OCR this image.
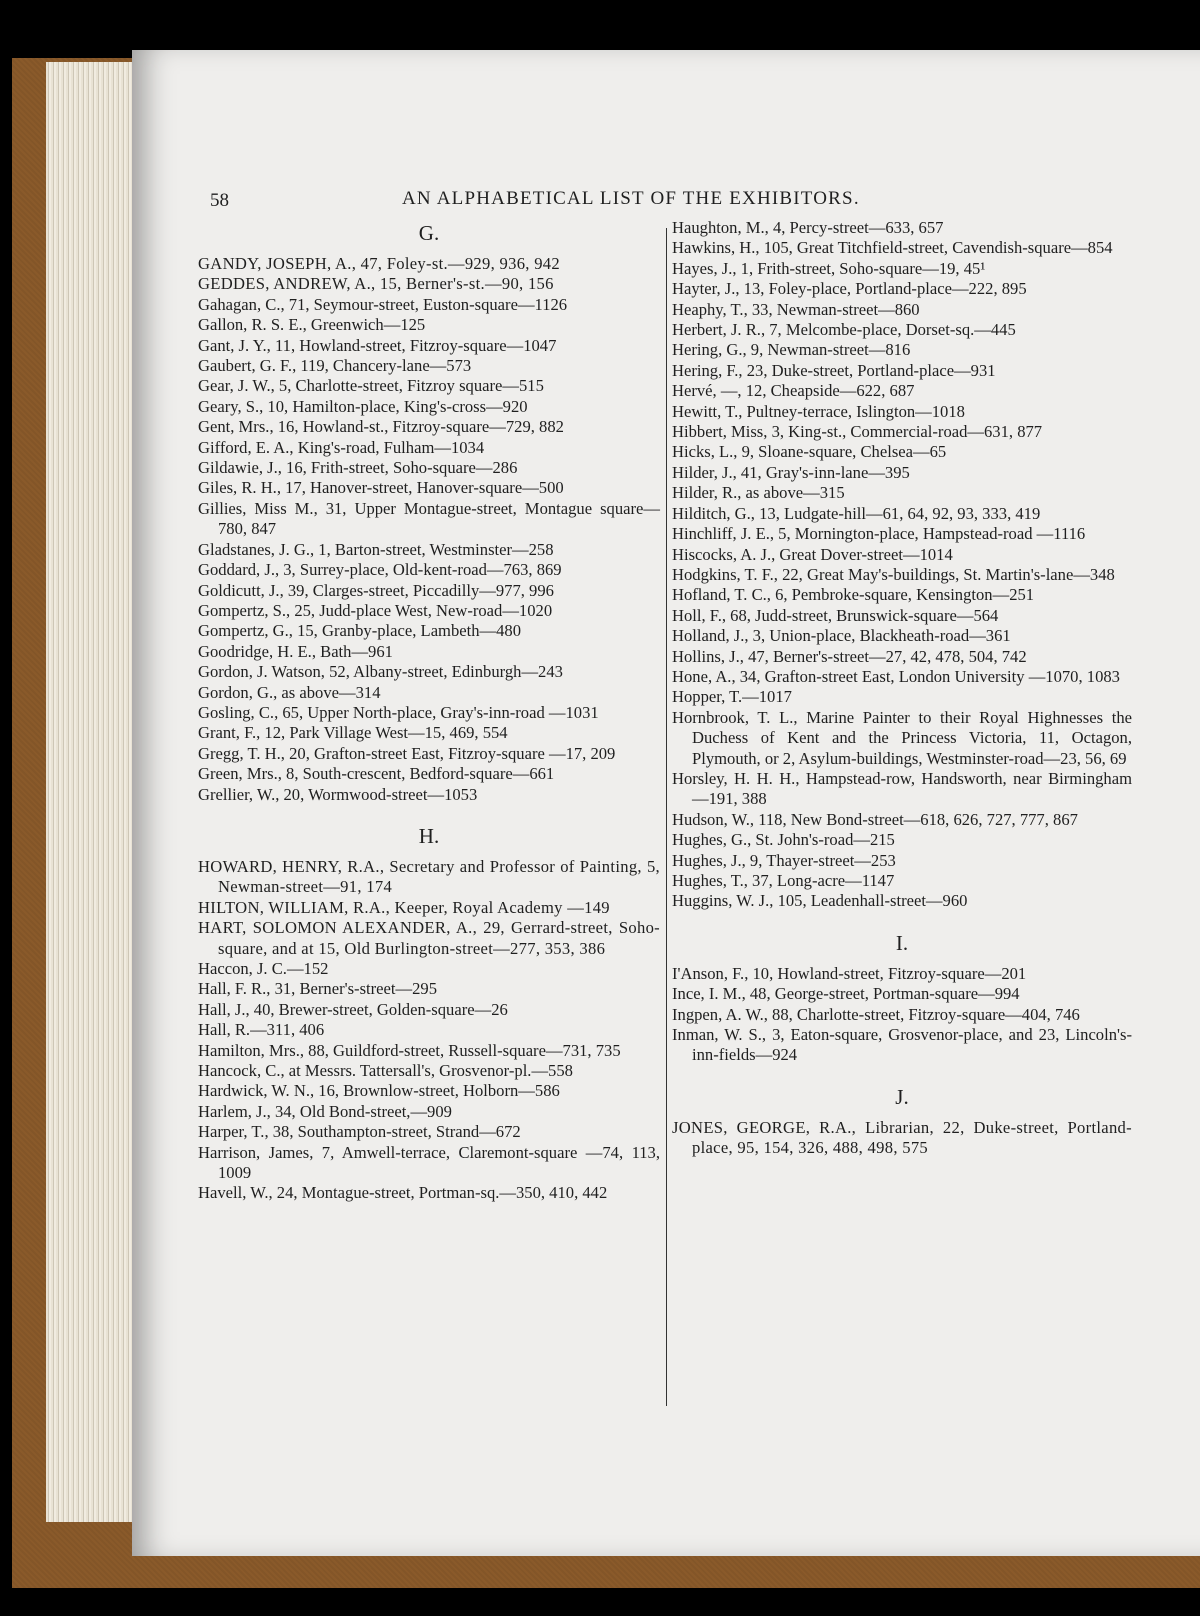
58	AN ALPHABETICAL LIST OF THE EXHIBITORS.
G.
GANDY, JOSEPH, A., 47, Foley-st.—929, 936, 942
GEDDES, ANDREW, A., 15, Berner's-st.—90, 156
Gahagan, C., 71, Seymour-street, Euston-square—1126
Gallon, R. S. E., Greenwich—125
Gant, J. Y., 11, Howland-street, Fitzroy-square—1047
Gaubert, G. F., 119, Chancery-lane—573
Gear, J. W., 5, Charlotte-street, Fitzroy square—515
Geary, S., 10, Hamilton-place, King's-cross—920
Gent, Mrs., 16, Howland-st., Fitzroy-square—729, 882
Gifford, E. A., King's-road, Fulham—1034
Gildawie, J., 16, Frith-street, Soho-square—286
Giles, R. H., 17, Hanover-street, Hanover-square—500
Gillies, Miss M., 31, Upper Montague-street, Montague square—780, 847
Gladstanes, J. G., 1, Barton-street, Westminster—258
Goddard, J., 3, Surrey-place, Old-kent-road—763, 869
Goldicutt, J., 39, Clarges-street, Piccadilly—977, 996
Gompertz, S., 25, Judd-place West, New-road—1020
Gompertz, G., 15, Granby-place, Lambeth—480
Goodridge, H. E., Bath—961
Gordon, J. Watson, 52, Albany-street, Edinburgh—243
Gordon, G., as above—314
Gosling, C., 65, Upper North-place, Gray's-inn-road —1031
Grant, F., 12, Park Village West—15, 469, 554
Gregg, T. H., 20, Grafton-street East, Fitzroy-square —17, 209
Green, Mrs., 8, South-crescent, Bedford-square—661
Grellier, W., 20, Wormwood-street—1053
H.
HOWARD, HENRY, R.A., Secretary and Professor of Painting, 5, Newman-street—91, 174
HILTON, WILLIAM, R.A., Keeper, Royal Academy —149
HART, SOLOMON ALEXANDER, A., 29, Gerrard-street, Soho-square, and at 15, Old Burlington-street—277, 353, 386
Haccon, J. C.—152
Hall, F. R., 31, Berner's-street—295
Hall, J., 40, Brewer-street, Golden-square—26
Hall, R.—311, 406
Hamilton, Mrs., 88, Guildford-street, Russell-square—731, 735
Hancock, C., at Messrs. Tattersall's, Grosvenor-pl.—558
Hardwick, W. N., 16, Brownlow-street, Holborn—586
Harlem, J., 34, Old Bond-street,—909
Harper, T., 38, Southampton-street, Strand—672
Harrison, James, 7, Amwell-terrace, Claremont-square —74, 113, 1009
Havell, W., 24, Montague-street, Portman-sq.—350, 410, 442
Haughton, M., 4, Percy-street—633, 657
Hawkins, H., 105, Great Titchfield-street, Cavendish-square—854
Hayes, J., 1, Frith-street, Soho-square—19, 45¹
Hayter, J., 13, Foley-place, Portland-place—222, 895
Heaphy, T., 33, Newman-street—860
Herbert, J. R., 7, Melcombe-place, Dorset-sq.—445
Hering, G., 9, Newman-street—816
Hering, F., 23, Duke-street, Portland-place—931
Hervé, —, 12, Cheapside—622, 687
Hewitt, T., Pultney-terrace, Islington—1018
Hibbert, Miss, 3, King-st., Commercial-road—631, 877
Hicks, L., 9, Sloane-square, Chelsea—65
Hilder, J., 41, Gray's-inn-lane—395
Hilder, R., as above—315
Hilditch, G., 13, Ludgate-hill—61, 64, 92, 93, 333, 419
Hinchliff, J. E., 5, Mornington-place, Hampstead-road —1116
Hiscocks, A. J., Great Dover-street—1014
Hodgkins, T. F., 22, Great May's-buildings, St. Martin's-lane—348
Hofland, T. C., 6, Pembroke-square, Kensington—251
Holl, F., 68, Judd-street, Brunswick-square—564
Holland, J., 3, Union-place, Blackheath-road—361
Hollins, J., 47, Berner's-street—27, 42, 478, 504, 742
Hone, A., 34, Grafton-street East, London University —1070, 1083
Hopper, T.—1017
Hornbrook, T. L., Marine Painter to their Royal Highnesses the Duchess of Kent and the Princess Victoria, 11, Octagon, Plymouth, or 2, Asylum-buildings, Westminster-road—23, 56, 69
Horsley, H. H. H., Hampstead-row, Handsworth, near Birmingham—191, 388
Hudson, W., 118, New Bond-street—618, 626, 727, 777, 867
Hughes, G., St. John's-road—215
Hughes, J., 9, Thayer-street—253
Hughes, T., 37, Long-acre—1147
Huggins, W. J., 105, Leadenhall-street—960
I.
I'Anson, F., 10, Howland-street, Fitzroy-square—201
Ince, I. M., 48, George-street, Portman-square—994
Ingpen, A. W., 88, Charlotte-street, Fitzroy-square—404, 746
Inman, W. S., 3, Eaton-square, Grosvenor-place, and 23, Lincoln's-inn-fields—924
J.
JONES, GEORGE, R.A., Librarian, 22, Duke-street, Portland-place, 95, 154, 326, 488, 498, 575
